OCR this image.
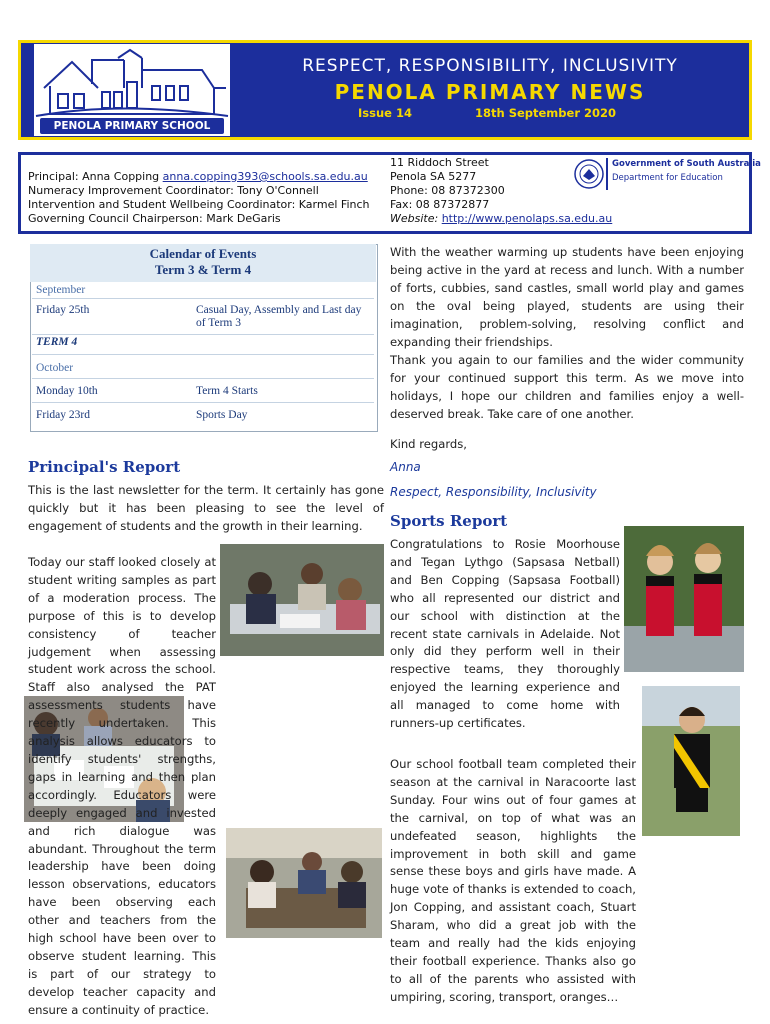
PENOLA PRIMARY SCHOOL
RESPECT, RESPONSIBILITY, INCLUSIVITY
PENOLA PRIMARY NEWS
Issue 14	18th September 2020
Principal: Anna Copping anna.copping393@schools.sa.edu.au
Numeracy Improvement Coordinator: Tony O'Connell
Intervention and Student Wellbeing Coordinator: Karmel Finch
Governing Council Chairperson: Mark DeGaris
11 Riddoch Street
Penola SA 5277
Phone: 08 87372300
Fax: 08 87372877
Website: http://www.penolaps.sa.edu.au
Government of South Australia
Department for Education
Calendar of Events
Term 3 & Term 4
September
Friday 25th	Casual Day, Assembly and Last day of Term 3
TERM 4
October
Monday 10th	Term 4 Starts
Friday 23rd	Sports Day
Principal's Report
This is the last newsletter for the term. It certainly has gone quickly but it has been pleasing to see the level of engagement of students and the growth in their learning.
Today our staff looked closely at student writing samples as part of a moderation process. The purpose of this is to develop consistency of teacher judgement when assessing student work across the school. Staff also analysed the PAT assessments students have recently undertaken. This analysis allows educators to identify students' strengths, gaps in learning and then plan accordingly. Educators were deeply engaged and invested and rich dialogue was abundant. Throughout the term leadership have been doing lesson observations, educators have been observing each other and teachers from the high school have been over to observe student learning. This is part of our strategy to develop teacher capacity and ensure a continuity of practice.
With the weather warming up students have been enjoying being active in the yard at recess and lunch. With a number of forts, cubbies, sand castles, small world play and games on the oval being played, students are using their imagination, problem-solving, resolving conflict and expanding their friendships.
Thank you again to our families and the wider community for your continued support this term. As we move into holidays, I hope our children and families enjoy a well-deserved break. Take care of one another.
Kind regards,
Anna
Respect, Responsibility, Inclusivity
Sports Report
Congratulations to Rosie Moorhouse and Tegan Lythgo (Sapsasa Netball) and Ben Copping (Sapsasa Football) who all represented our district and our school with distinction at the recent state carnivals in Adelaide. Not only did they perform well in their respective teams, they thoroughly enjoyed the learning experience and all managed to come home with runners-up certificates.
Our school football team completed their season at the carnival in Naracoorte last Sunday. Four wins out of four games at the carnival, on top of what was an undefeated season, highlights the improvement in both skill and game sense these boys and girls have made. A huge vote of thanks is extended to coach, Jon Copping, and assistant coach, Stuart Sharam, who did a great job with the team and really had the kids enjoying their football experience. Thanks also go to all of the parents who assisted with umpiring, scoring, transport, oranges…
